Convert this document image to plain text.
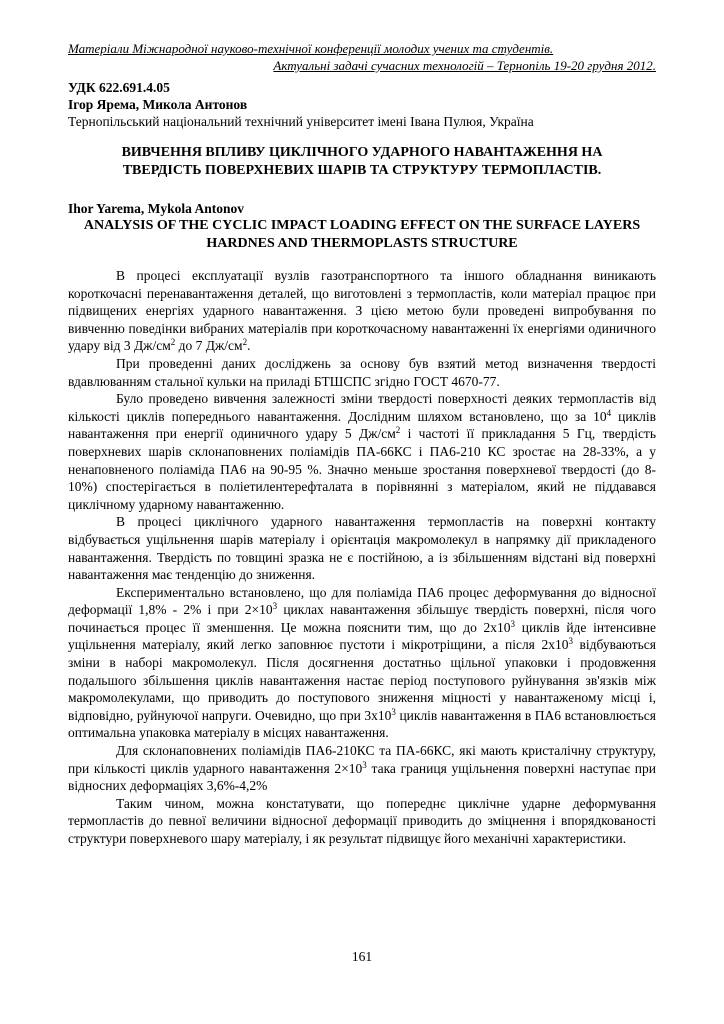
Матеріали Міжнародної науково-технічної конференції молодих учених та студентів.
Актуальні задачі сучасних технологій – Тернопіль 19-20 грудня 2012.
УДК 622.691.4.05
Ігор Ярема, Микола Антонов
Тернопільський національний технічний університет імені Івана Пулюя, Україна
ВИВЧЕННЯ ВПЛИВУ ЦИКЛІЧНОГО УДАРНОГО НАВАНТАЖЕННЯ НА ТВЕРДІСТЬ ПОВЕРХНЕВИХ ШАРІВ ТА СТРУКТУРУ ТЕРМОПЛАСТІВ.
Ihor Yarema, Mykola Antonov
ANALYSIS OF THE CYCLIC IMPACT LOADING EFFECT ON THE SURFACE LAYERS HARDNES AND THERMOPLASTS STRUCTURE

В процесі експлуатації вузлів газотранспортного та іншого обладнання виникають короткочасні перенавантаження деталей, що виготовлені з термопластів, коли матеріал працює при підвищених енергіях ударного навантаження. З цією метою були проведені випробування по вивченню поведінки вибраних матеріалів при короткочасному навантаженні їх енергіями одиничного удару від 3 $Дж/см^2$ до 7 $Дж/см^2$.

При проведенні даних досліджень за основу був взятий метод визначення твердості вдавлюванням стальної кульки на приладі БТШСПС згідно ГОСТ 4670-77.

Було проведено вивчення залежності зміни твердості поверхності деяких термопластів від кількості циклів попереднього навантаження. Дослідним шляхом встановлено, що за $10^4$ циклів навантаження при енергії одиничного удару 5 $Дж/см^2$ і частоті її прикладання 5 Гц, твердість поверхневих шарів склонаповнених поліамідів ПА-66КС і ПА6-210 КС зростає на 28-33%, а у ненаповненого поліаміда ПА6 на 90-95 %. Значно меньше зростання поверхневої твердості (до 8-10%) спостерігається в поліетилентерефталата в порівнянні з матеріалом, який не піддавався циклічному ударному навантаженню.

В процесі циклічного ударного навантаження термопластів на поверхні контакту відбувається ущільнення шарів матеріалу і орієнтація макромолекул в напрямку дії прикладеного навантаження. Твердість по товщині зразка не є постійною, а із збільшенням відстані від поверхні навантаження має тенденцію до зниження.

Експериментально встановлено, що для поліаміда ПА6 процес деформування до відносної деформації 1,8% - 2% і при $2\times 10^3$ циклах навантаження збільшує твердість поверхні, після чого починається процес її зменшення. Це можна пояснити тим, що до $2х10^3$ циклів йде інтенсивне ущільнення матеріалу, який легко заповнює пустоти і мікротріщини, а після $2х10^3$ відбуваються зміни в наборі макромолекул. Після досягнення достатньо щільної упаковки і продовження подальшого збільшення циклів навантаження настає період поступового руйнування зв'язків між макромолекулами, що приводить до поступового зниження міцності у навантаженому місці і, відповідно, руйнуючої напруги. Очевидно, що при $3х10^3$ циклів навантаження в ПА6 встановлюється оптимальна упаковка матеріалу в місцях навантаження.

Для склонаповнених поліамідів ПА6-210КС та ПА-66КС, які мають кристалічну структуру, при кількості циклів ударного навантаження $2\times 10^3$ така границя ущільнення поверхні наступає при відносних деформаціях 3,6%-4,2%

Таким чином, можна констатувати, що попереднє циклічне ударне деформування термопластів до певної величини відносної деформації приводить до зміцнення і впорядкованості структури поверхневого шару матеріалу, і як результат підвищує його механічні характеристики.

161
